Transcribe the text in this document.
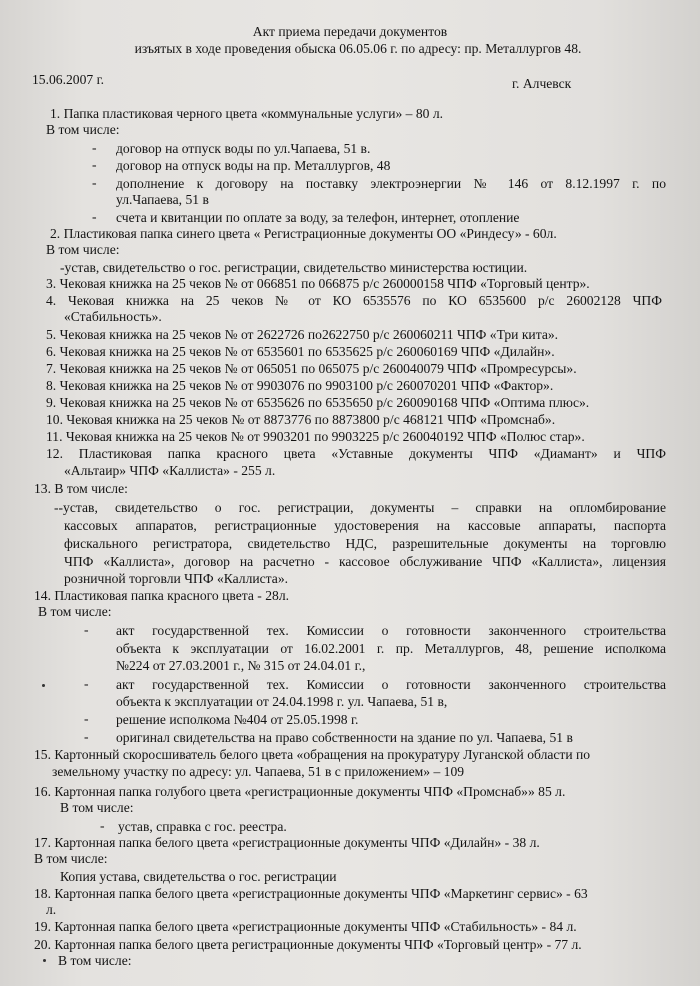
Акт приема передачи документов
изъятых в ходе проведения обыска 06.05.06 г. по адресу: пр. Металлургов 48.
15.06.2007 г.	г. Алчевск
1. Папка пластиковая черного цвета «коммунальные услуги» – 80 л.
В том числе:
- договор на отпуск воды по ул.Чапаева, 51 в.
- договор на отпуск воды на пр. Металлургов, 48
- дополнение к договору на поставку электроэнергии № 146 от 8.12.1997 г. по
ул.Чапаева, 51 в
- счета и квитанции по оплате за воду, за телефон, интернет, отопление
2. Пластиковая папка синего цвета « Регистрационные документы ОО «Риндесу» - 60л.
В том числе:
-устав, свидетельство о гос. регистрации, свидетельство министерства юстиции.
3. Чековая книжка на 25 чеков № от 066851 по 066875 р/с 260000158 ЧПФ «Торговый центр».
4. Чековая книжка на 25 чеков № от КО 6535576 по КО 6535600 р/с 26002128 ЧПФ
«Стабильность».
5. Чековая книжка на 25 чеков № от 2622726 по2622750 р/с 260060211 ЧПФ «Три кита».
6. Чековая книжка на 25 чеков № от 6535601 по 6535625 р/с 260060169 ЧПФ «Дилайн».
7. Чековая книжка на 25 чеков № от 065051 по 065075 р/с 260040079 ЧПФ «Промресурсы».
8. Чековая книжка на 25 чеков № от 9903076 по 9903100 р/с 260070201 ЧПФ «Фактор».
9. Чековая книжка на 25 чеков № от 6535626 по 6535650 р/с 260090168 ЧПФ «Оптима плюс».
10. Чековая книжка на 25 чеков № от 8873776 по 8873800 р/с 468121 ЧПФ «Промснаб».
11. Чековая книжка на 25 чеков № от 9903201 по 9903225 р/с 260040192 ЧПФ «Полюс стар».
12. Пластиковая папка красного цвета «Уставные документы ЧПФ «Диамант» и ЧПФ
«Альтаир» ЧПФ «Каллиста» - 255 л.
13. В том числе:
--устав, свидетельство о гос. регистрации, документы – справки на опломбирование
кассовых аппаратов, регистрационные удостоверения на кассовые аппараты, паспорта
фискального регистратора, свидетельство НДС, разрешительные документы на торговлю
ЧПФ «Каллиста», договор на расчетно - кассовое обслуживание ЧПФ «Каллиста», лицензия
розничной торговли ЧПФ «Каллиста».
14. Пластиковая папка красного цвета - 28л.
В том числе:
- акт государственной тех. Комиссии о готовности законченного строительства
объекта к эксплуатации от 16.02.2001 г. пр. Металлургов, 48, решение исполкома
№224 от 27.03.2001 г., № 315 от 24.04.01 г.,
- акт государственной тех. Комиссии о готовности законченного строительства
объекта к эксплуатации от 24.04.1998 г. ул. Чапаева, 51 в,
- решение исполкома №404 от 25.05.1998 г.
- оригинал свидетельства на право собственности на здание по ул. Чапаева, 51 в
15. Картонный скоросшиватель белого цвета «обращения на прокуратуру Луганской области по
земельному участку по адресу: ул. Чапаева, 51 в с приложением» – 109
16. Картонная папка голубого цвета «регистрационные документы ЧПФ «Промснаб»» 85 л.
В том числе:
- устав, справка с гос. реестра.
17. Картонная папка белого цвета «регистрационные документы ЧПФ «Дилайн» - 38 л.
В том числе:
Копия устава, свидетельства о гос. регистрации
18. Картонная папка белого цвета «регистрационные документы ЧПФ «Маркетинг сервис» - 63
л.
19. Картонная папка белого цвета «регистрационные документы ЧПФ «Стабильность» - 84 л.
20. Картонная папка белого цвета регистрационные документы ЧПФ «Торговый центр» - 77 л.
В том числе:
